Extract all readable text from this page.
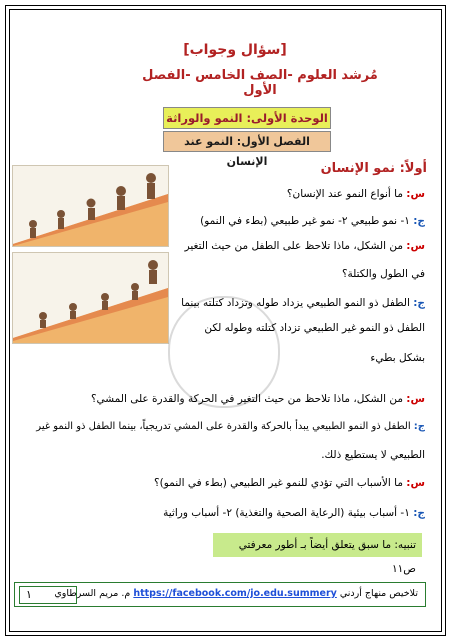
[سؤال وجواب]
مُرشد العلوم -الصف الخامس -الفصل الأول
الوحدة الأولى: النمو والوراثة
الفصل الأول: النمو عند الإنسان	أولاً: نمو الإنسان
س: ما أنواع النمو عند الإنسان؟
ج: ١- نمو طبيعي ٢- نمو غير طبيعي (بطء في النمو)
س: من الشكل، ماذا تلاحظ على الطفل من حيث التغير
في الطول والكتلة؟
ج: الطفل ذو النمو الطبيعي يزداد طوله وتزداد كتلته بينما
الطفل ذو النمو غير الطبيعي تزداد كتلته وطوله لكن
بشكل بطيء
س: من الشكل، ماذا تلاحظ من حيث التغير في الحركة والقدرة على المشي؟
ج: الطفل ذو النمو الطبيعي يبدأ بالحركة والقدرة على المشي تدريجياً، بينما الطفل ذو النمو غير
الطبيعي لا يستطيع ذلك.
س: ما الأسباب التي تؤدي للنمو غير الطبيعي (بطء في النمو)؟
ج: ١- أسباب بيئية (الرعاية الصحية والتغذية) ٢- أسباب وراثية
تنبيه: ما سبق يتعلق أيضاً بـ أطور معرفتي ص١١
تلاخيص منهاج أردني https://facebook.com/jo.edu.summery م. مريم السرطاوي
١
